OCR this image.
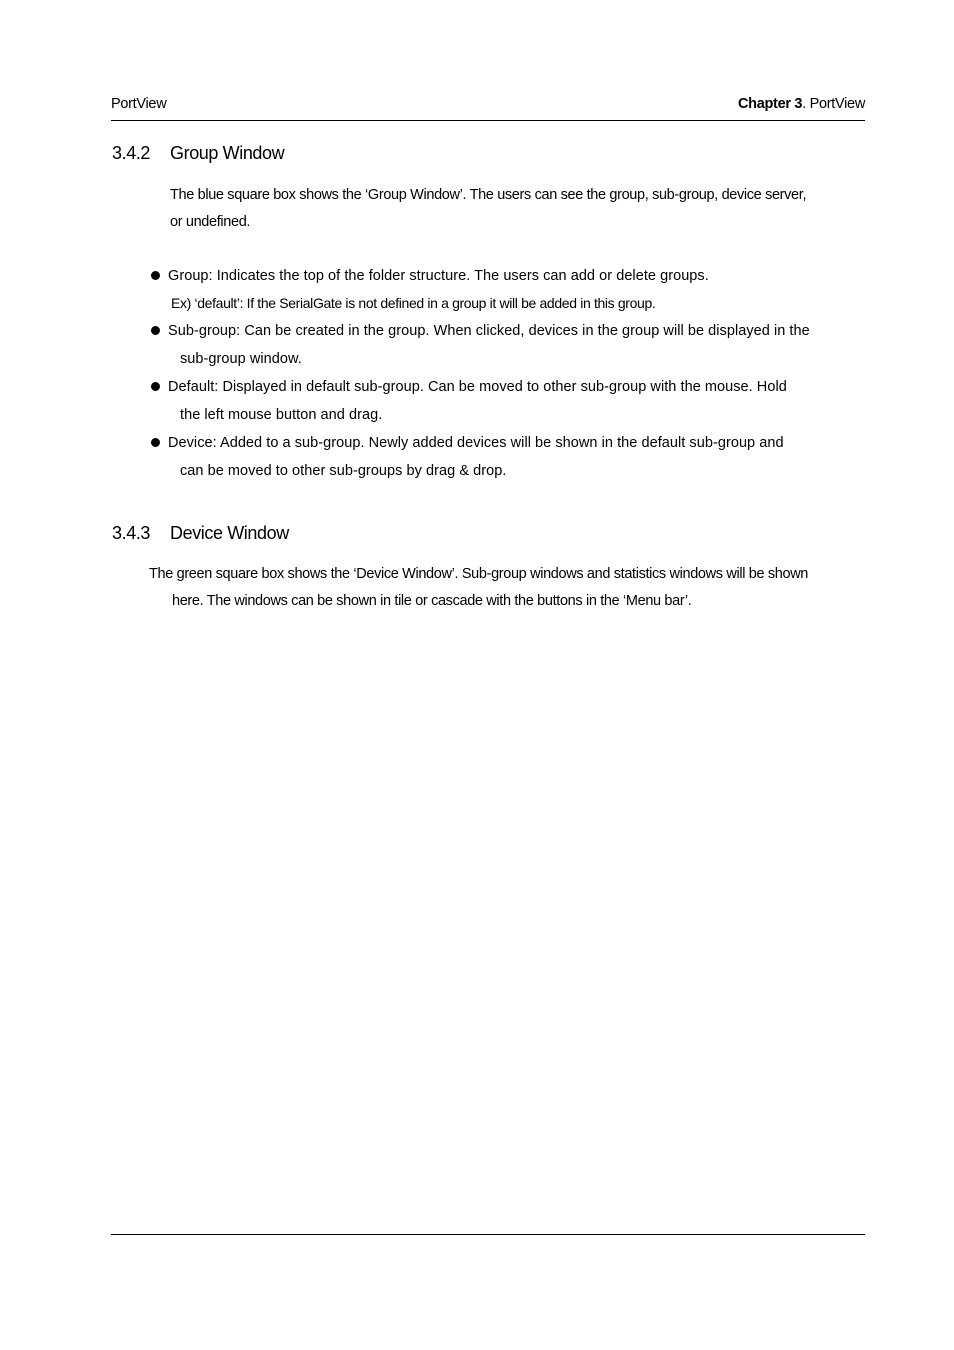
PortView	Chapter 3. PortView
3.4.2	Group Window
The blue square box shows the ‘Group Window’. The users can see the group, sub-group, device server,
or undefined.
Group: Indicates the top of the folder structure. The users can add or delete groups.
Ex) ‘default’: If the SerialGate is not defined in a group it will be added in this group.
Sub-group: Can be created in the group. When clicked, devices in the group will be displayed in the
sub-group window.
Default: Displayed in default sub-group. Can be moved to other sub-group with the mouse. Hold
the left mouse button and drag.
Device: Added to a sub-group. Newly added devices will be shown in the default sub-group and
can be moved to other sub-groups by drag & drop.
3.4.3	Device Window
The green square box shows the ‘Device Window’. Sub-group windows and statistics windows will be shown
here. The windows can be shown in tile or cascade with the buttons in the ‘Menu bar’.
